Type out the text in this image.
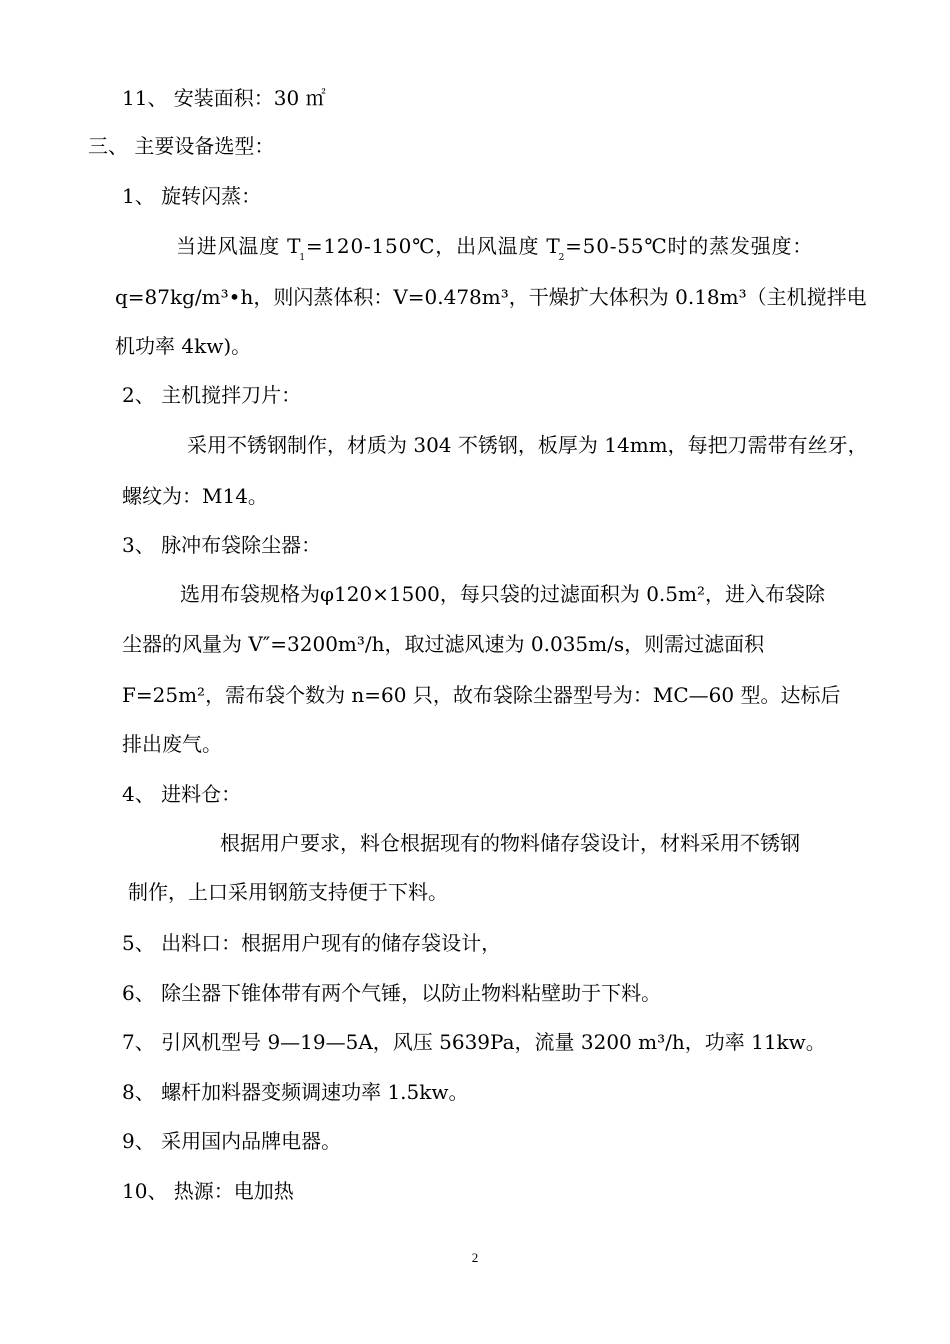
11、 安装面积：30 ㎡
三、 主要设备选型：
1、 旋转闪蒸：
当进风温度 $T_1=120-150℃$，出风温度 $T_2=50-55℃$时的蒸发强度：
q=87kg/m³•h，则闪蒸体积：V=0.478m³，干燥扩大体积为 0.18m³（主机搅拌电
机功率 4kw)。
2、 主机搅拌刀片：
采用不锈钢制作，材质为 304 不锈钢，板厚为 14mm，每把刀需带有丝牙，
螺纹为：M14。
3、 脉冲布袋除尘器：
选用布袋规格为φ120×1500，每只袋的过滤面积为 0.5m²，进入布袋除
尘器的风量为 V″=3200m³/h，取过滤风速为 0.035m/s，则需过滤面积
F=25m²，需布袋个数为 n=60 只，故布袋除尘器型号为：MC—60 型。达标后
排出废气。
4、 进料仓：
根据用户要求，料仓根据现有的物料储存袋设计，材料采用不锈钢
制作，上口采用钢筋支持便于下料。
5、 出料口：根据用户现有的储存袋设计，
6、 除尘器下锥体带有两个气锤，以防止物料粘壁助于下料。
7、 引风机型号 9—19—5A，风压 5639Pa，流量 3200 m³/h，功率 11kw。
8、 螺杆加料器变频调速功率 1.5kw。
9、 采用国内品牌电器。
10、 热源：电加热
2
